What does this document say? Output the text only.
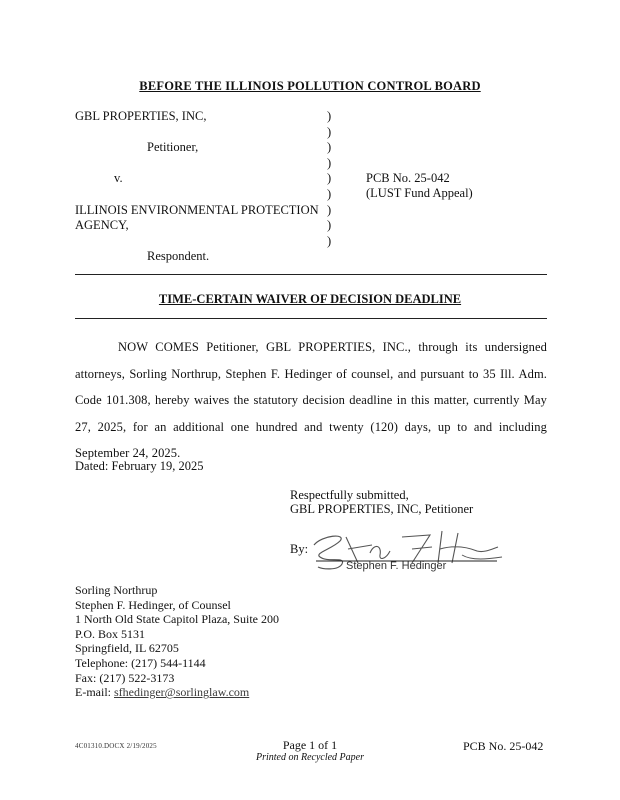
BEFORE THE ILLINOIS POLLUTION CONTROL BOARD
GBL PROPERTIES, INC,
Petitioner,
v.
ILLINOIS ENVIRONMENTAL PROTECTION
AGENCY,
Respondent.
)
)
)
)
)
)
)
)
)
PCB No. 25-042
(LUST Fund Appeal)
TIME-CERTAIN WAIVER OF DECISION DEADLINE
NOW COMES Petitioner, GBL PROPERTIES, INC., through its undersigned attorneys, Sorling Northrup, Stephen F. Hedinger of counsel, and pursuant to 35 Ill. Adm. Code 101.308, hereby waives the statutory decision deadline in this matter, currently May 27, 2025, for an additional one hundred and twenty (120) days, up to and including September 24, 2025.
Dated: February 19, 2025
Respectfully submitted,
GBL PROPERTIES, INC, Petitioner
By:
Stephen F. Hedinger
Sorling Northrup
Stephen F. Hedinger, of Counsel
1 North Old State Capitol Plaza, Suite 200
P.O. Box 5131
Springfield, IL 62705
Telephone: (217) 544-1144
Fax: (217) 522-3173
E-mail: sfhedinger@sorlinglaw.com
4C01310.DOCX 2/19/2025	Page 1 of 1
Printed on Recycled Paper
PCB No. 25-042
